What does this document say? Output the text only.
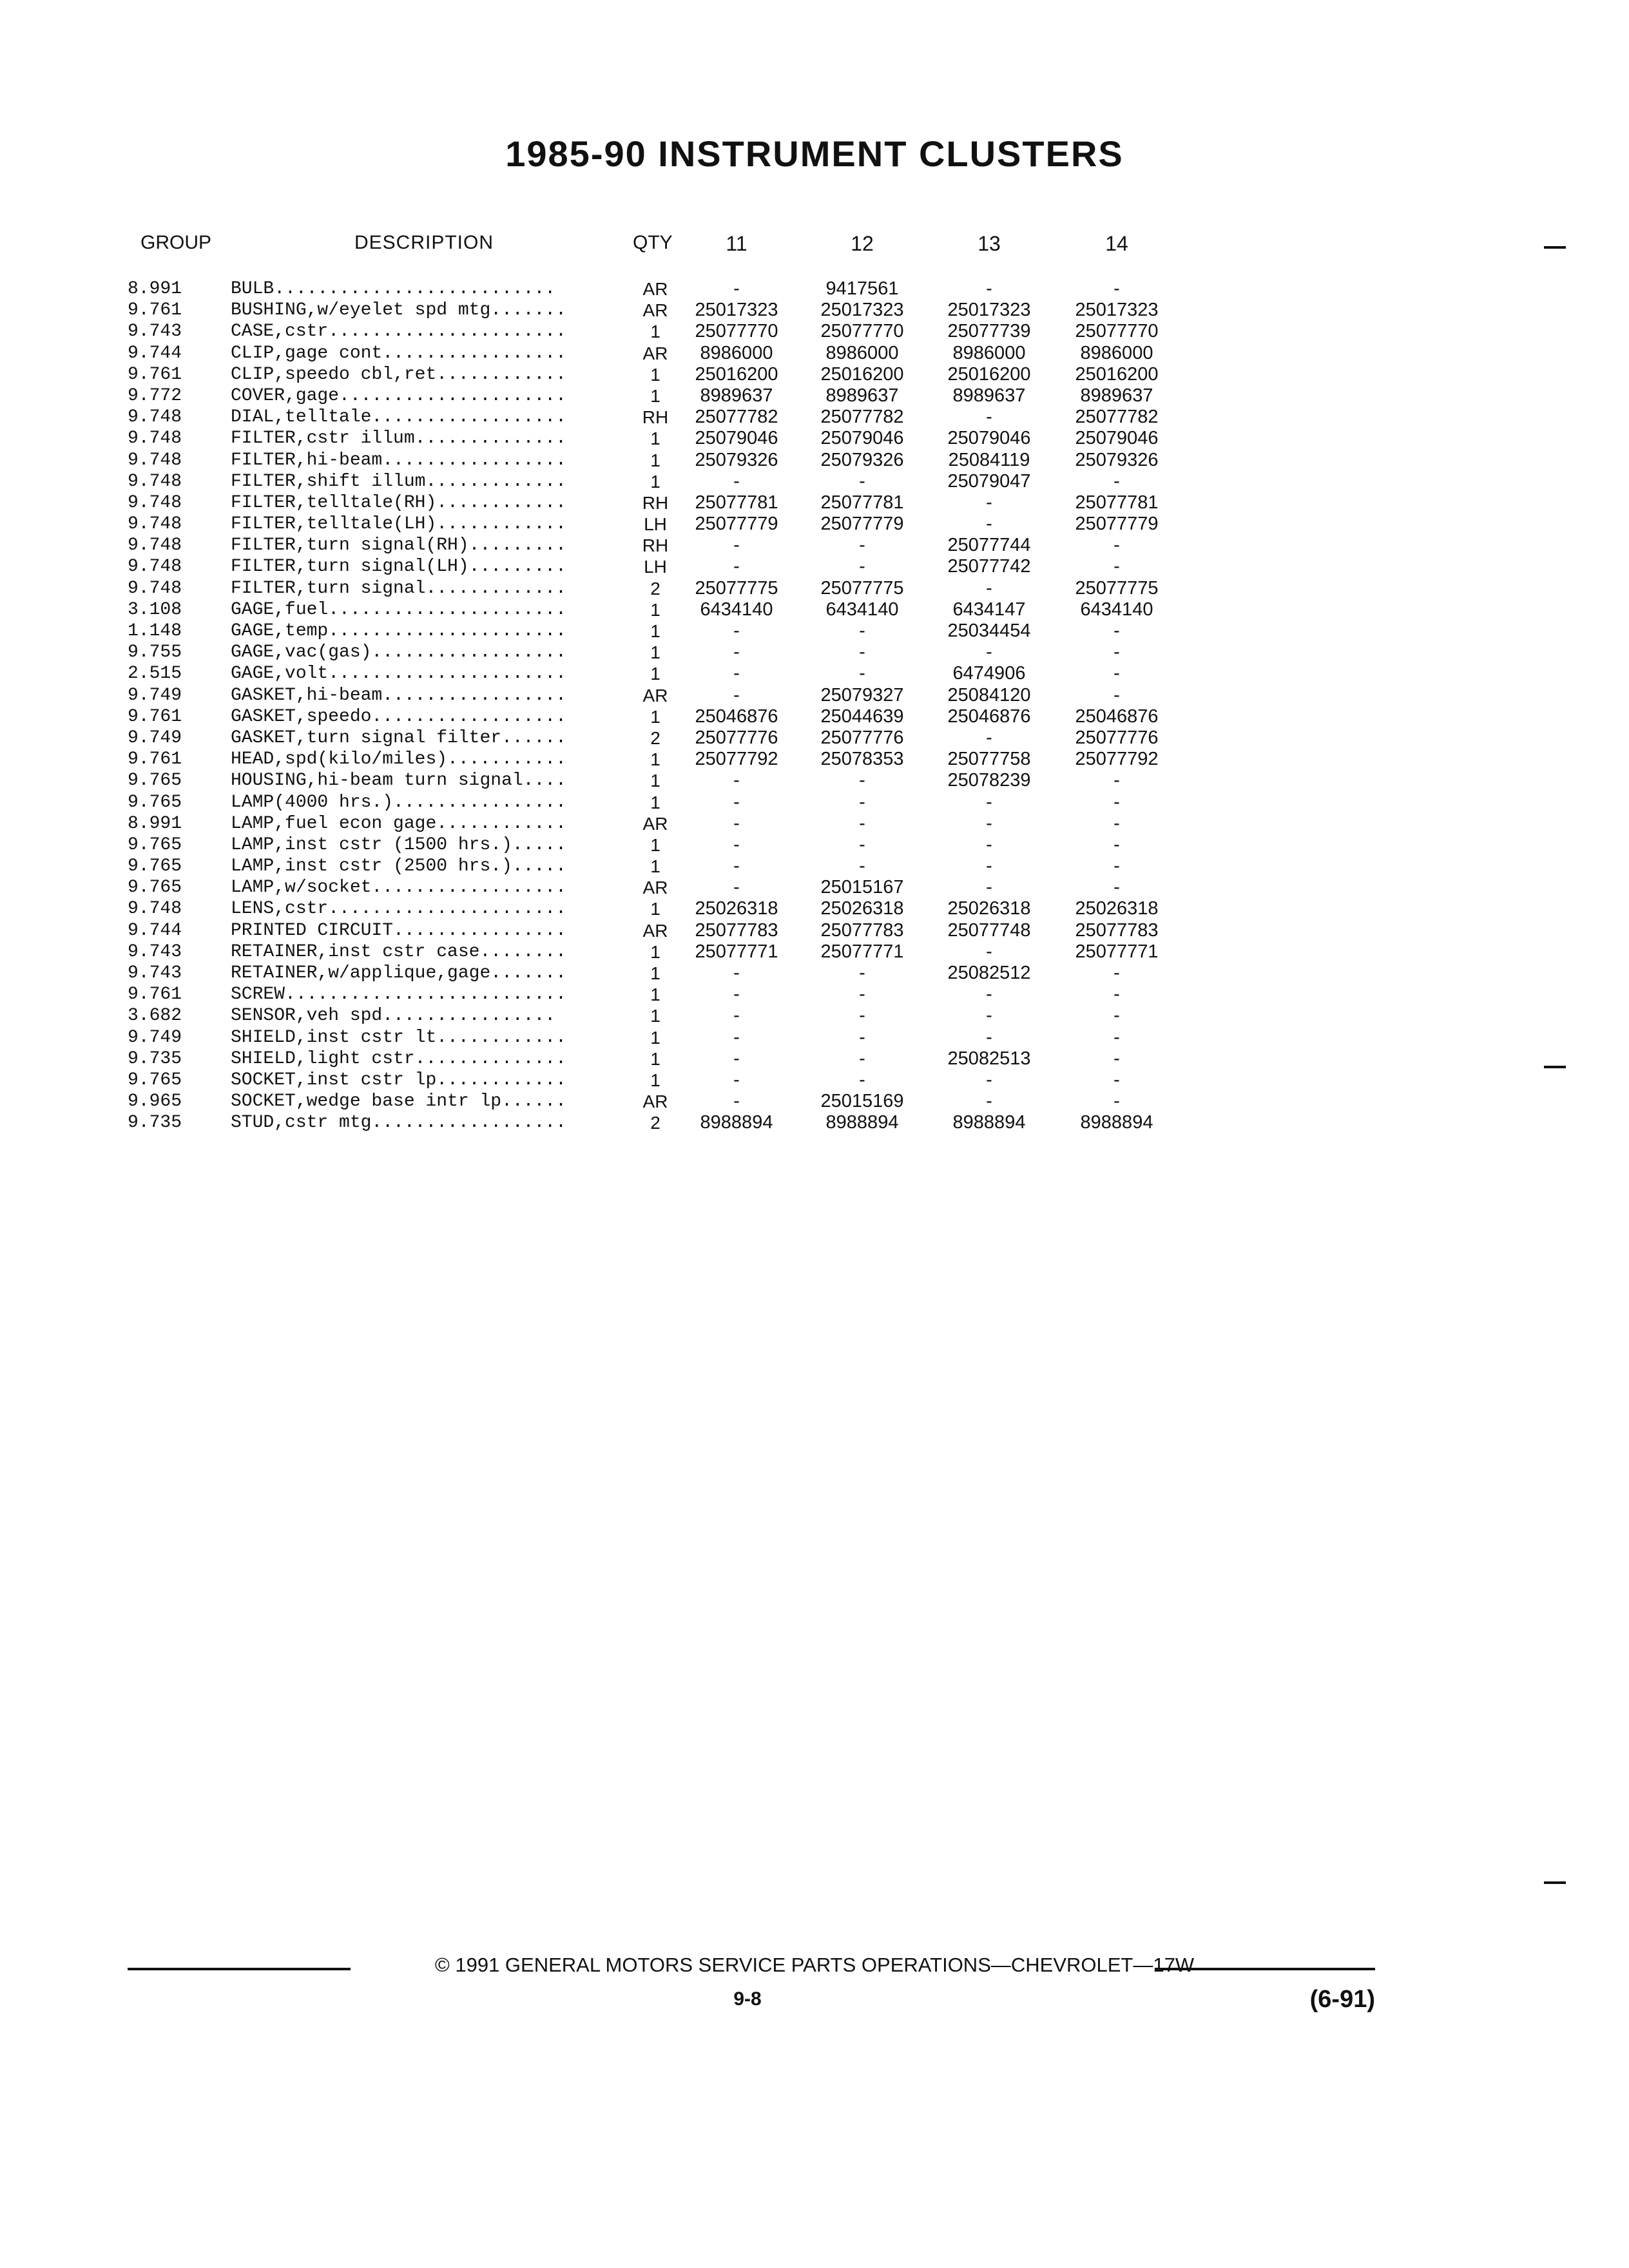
1985-90 INSTRUMENT CLUSTERS
GROUP	DESCRIPTION	QTY	11	12	13	14
8.991	BULB..........................	AR	-	9417561	-	-
9.761	BUSHING,w/eyelet spd mtg.......	AR	25017323	25017323	25017323	25017323
9.743	CASE,cstr......................	1	25077770	25077770	25077739	25077770
9.744	CLIP,gage cont.................	AR	8986000	8986000	8986000	8986000
9.761	CLIP,speedo cbl,ret............	1	25016200	25016200	25016200	25016200
9.772	COVER,gage.....................	1	8989637	8989637	8989637	8989637
9.748	DIAL,telltale..................	RH	25077782	25077782	-	25077782
9.748	FILTER,cstr illum..............	1	25079046	25079046	25079046	25079046
9.748	FILTER,hi-beam.................	1	25079326	25079326	25084119	25079326
9.748	FILTER,shift illum.............	1	-	-	25079047	-
9.748	FILTER,telltale(RH)............	RH	25077781	25077781	-	25077781
9.748	FILTER,telltale(LH)............	LH	25077779	25077779	-	25077779
9.748	FILTER,turn signal(RH).........	RH	-	-	25077744	-
9.748	FILTER,turn signal(LH).........	LH	-	-	25077742	-
9.748	FILTER,turn signal.............	2	25077775	25077775	-	25077775
3.108	GAGE,fuel......................	1	6434140	6434140	6434147	6434140
1.148	GAGE,temp......................	1	-	-	25034454	-
9.755	GAGE,vac(gas)..................	1	-	-	-	-
2.515	GAGE,volt......................	1	-	-	6474906	-
9.749	GASKET,hi-beam.................	AR	-	25079327	25084120	-
9.761	GASKET,speedo..................	1	25046876	25044639	25046876	25046876
9.749	GASKET,turn signal filter......	2	25077776	25077776	-	25077776
9.761	HEAD,spd(kilo/miles)...........	1	25077792	25078353	25077758	25077792
9.765	HOUSING,hi-beam turn signal....	1	-	-	25078239	-
9.765	LAMP(4000 hrs.)................	1	-	-	-	-
8.991	LAMP,fuel econ gage............	AR	-	-	-	-
9.765	LAMP,inst cstr (1500 hrs.).....	1	-	-	-	-
9.765	LAMP,inst cstr (2500 hrs.).....	1	-	-	-	-
9.765	LAMP,w/socket..................	AR	-	25015167	-	-
9.748	LENS,cstr......................	1	25026318	25026318	25026318	25026318
9.744	PRINTED CIRCUIT................	AR	25077783	25077783	25077748	25077783
9.743	RETAINER,inst cstr case........	1	25077771	25077771	-	25077771
9.743	RETAINER,w/applique,gage.......	1	-	-	25082512	-
9.761	SCREW..........................	1	-	-	-	-
3.682	SENSOR,veh spd................	1	-	-	-	-
9.749	SHIELD,inst cstr lt............	1	-	-	-	-
9.735	SHIELD,light cstr..............	1	-	-	25082513	-
9.765	SOCKET,inst cstr lp............	1	-	-	-	-
9.965	SOCKET,wedge base intr lp......	AR	-	25015169	-	-
9.735	STUD,cstr mtg..................	2	8988894	8988894	8988894	8988894
© 1991 GENERAL MOTORS SERVICE PARTS OPERATIONS—CHEVROLET—17W
9-8	(6-91)
